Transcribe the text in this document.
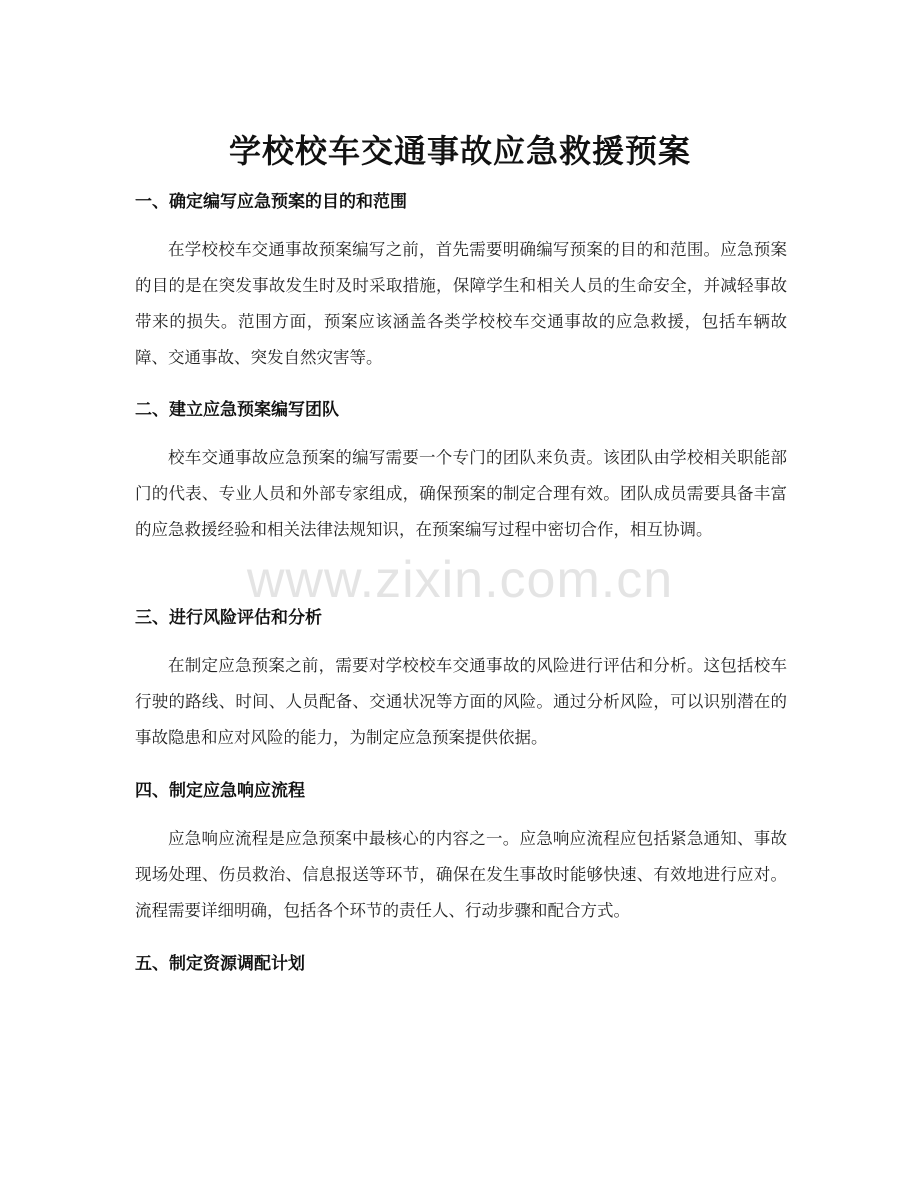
学校校车交通事故应急救援预案
一、确定编写应急预案的目的和范围

在学校校车交通事故预案编写之前，首先需要明确编写预案的目的和范围。应急预案的目的是在突发事故发生时及时采取措施，保障学生和相关人员的生命安全，并减轻事故带来的损失。范围方面，预案应该涵盖各类学校校车交通事故的应急救援，包括车辆故障、交通事故、突发自然灾害等。

二、建立应急预案编写团队

校车交通事故应急预案的编写需要一个专门的团队来负责。该团队由学校相关职能部门的代表、专业人员和外部专家组成，确保预案的制定合理有效。团队成员需要具备丰富的应急救援经验和相关法律法规知识，在预案编写过程中密切合作，相互协调。

三、进行风险评估和分析

在制定应急预案之前，需要对学校校车交通事故的风险进行评估和分析。这包括校车行驶的路线、时间、人员配备、交通状况等方面的风险。通过分析风险，可以识别潜在的事故隐患和应对风险的能力，为制定应急预案提供依据。

四、制定应急响应流程

应急响应流程是应急预案中最核心的内容之一。应急响应流程应包括紧急通知、事故现场处理、伤员救治、信息报送等环节，确保在发生事故时能够快速、有效地进行应对。流程需要详细明确，包括各个环节的责任人、行动步骤和配合方式。

五、制定资源调配计划
www.zixin.com.cn
